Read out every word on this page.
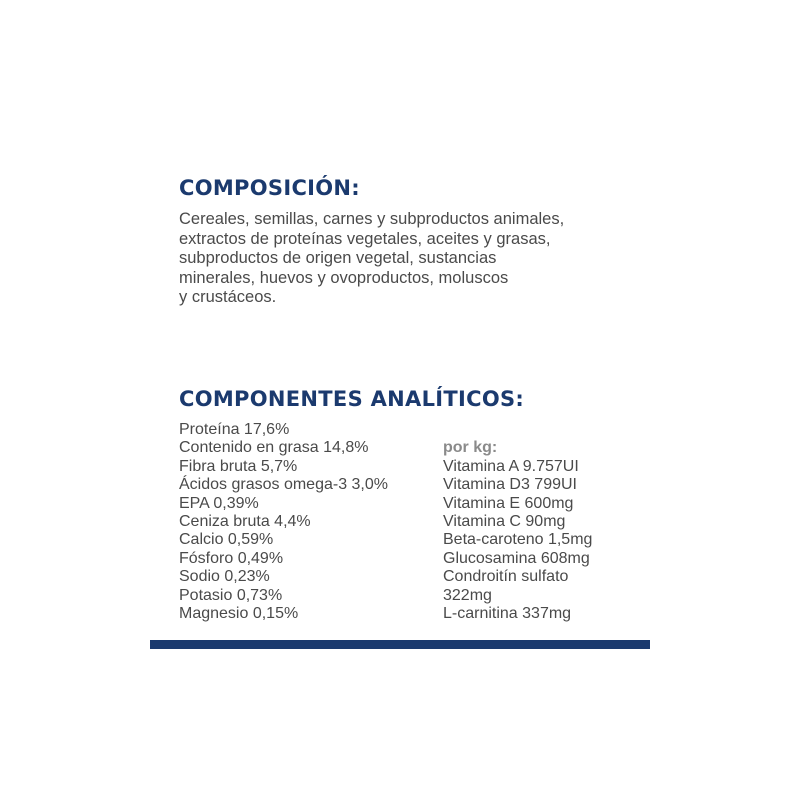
COMPOSICIÓN:
Cereales, semillas, carnes y subproductos animales,
extractos de proteínas vegetales, aceites y grasas,
subproductos de origen vegetal, sustancias
minerales, huevos y ovoproductos, moluscos
y crustáceos.
COMPONENTES ANALÍTICOS:
Proteína 17,6%
Contenido en grasa 14,8%
Fibra bruta 5,7%
Ácidos grasos omega-3 3,0%
EPA 0,39%
Ceniza bruta 4,4%
Calcio 0,59%
Fósforo 0,49%
Sodio 0,23%
Potasio 0,73%
Magnesio 0,15%
por kg:
Vitamina A 9.757UI
Vitamina D3 799UI
Vitamina E 600mg
Vitamina C 90mg
Beta-caroteno 1,5mg
Glucosamina 608mg
Condroitín sulfato
322mg
L-carnitina 337mg
